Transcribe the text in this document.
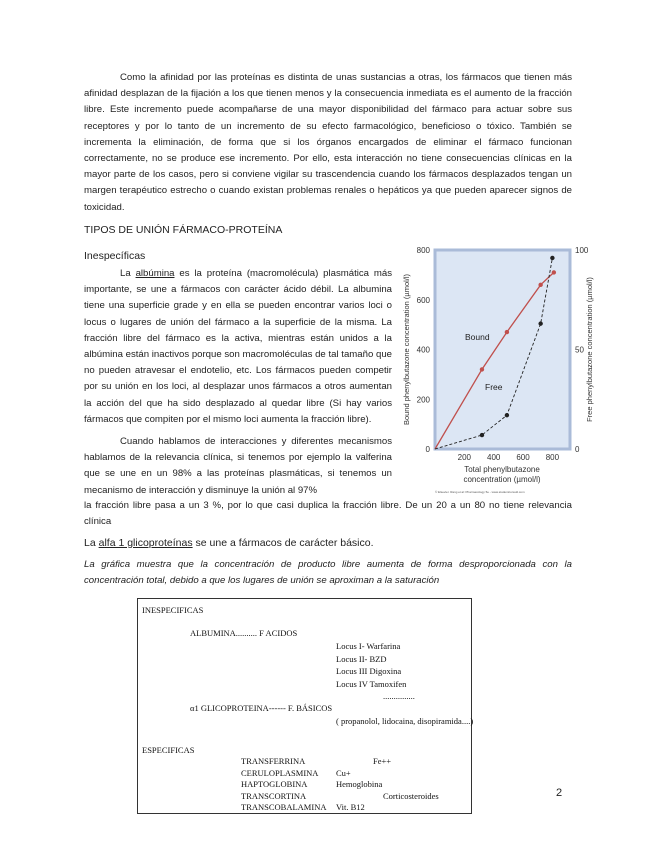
Como la afinidad por las proteínas es distinta de unas sustancias a otras, los fármacos que tienen más afinidad desplazan de la fijación a los que tienen menos y la consecuencia inmediata es el aumento de la fracción libre. Este incremento puede acompañarse de una mayor disponibilidad del fármaco para actuar sobre sus receptores y por lo tanto de un incremento de su efecto farmacológico, beneficioso o tóxico. También se incrementa la eliminación, de forma que si los órganos encargados de eliminar el fármaco funcionan correctamente, no se produce ese incremento. Por ello, esta interacción no tiene consecuencias clínicas en la mayor parte de los casos, pero si conviene vigilar su trascendencia cuando los fármacos desplazados tengan un margen terapéutico estrecho o cuando existan problemas renales o hepáticos ya que pueden aparecer signos de toxicidad.
TIPOS DE UNIÓN FÁRMACO-PROTEÍNA
Inespecíficas
La albúmina es la proteína (macromolécula) plasmática más importante, se une a fármacos con carácter ácido débil. La albumina tiene una superficie grade y en ella se pueden encontrar varios loci o locus o lugares de unión del fármaco a la superficie de la misma. La fracción libre del fármaco es la activa, mientras están unidos a la albúmina están inactivos porque son macromoléculas de tal tamaño que no pueden atravesar el endotelio, etc. Los fármacos pueden competir por su unión en los loci, al desplazar unos fármacos a otros aumentan la acción del que ha sido desplazado al quedar libre (Si hay varios fármacos que compiten por el mismo loci aumenta la fracción libre).
Cuando hablamos de interacciones y diferentes mecanismos hablamos de la relevancia clínica, si tenemos por ejemplo la valferina que se une en un 98% a las proteínas plasmáticas, si tenemos un mecanismo de interacción y disminuye la unión al 97%
la fracción libre pasa a un 3 %, por lo que casi duplica la fracción libre. De un 20 a un 80 no tiene relevancia clínica
La alfa 1 glicoproteínas se une a fármacos de carácter básico.
La gráfica muestra que la concentración de producto libre aumenta de forma desproporcionada con la concentración total, debido a que los lugares de unión se aproximan a la saturación
0
200
400
600
800
0
50
100
200 400 600 800
Total phenylbutazone
concentration (µmol/l)
Bound phenylbutazone concentration (µmol/l)	Free phenylbutazone concentration (µmol/l)
© Elsevier. Rang et al: Pharmacology 5e - www.studentconsult.com
Bound
Free
INESPECIFICAS
ALBUMINA.......... F ACIDOS
α1 GLICOPROTEINA------ F. BÁSICOS
( propanolol, lidocaina, disopiramida....)
ESPECIFICAS
Locus I- Warfarina
Locus II- BZD
Locus III Digoxina
Locus IV Tamoxifen
...............
TRANSFERRINA	Fe++
CERULOPLASMINA Cu+
HAPTOGLOBINA	Hemoglobina
TRANSCORTINA	Corticosteroides
TRANSCOBALAMINA Vit. B12
2
